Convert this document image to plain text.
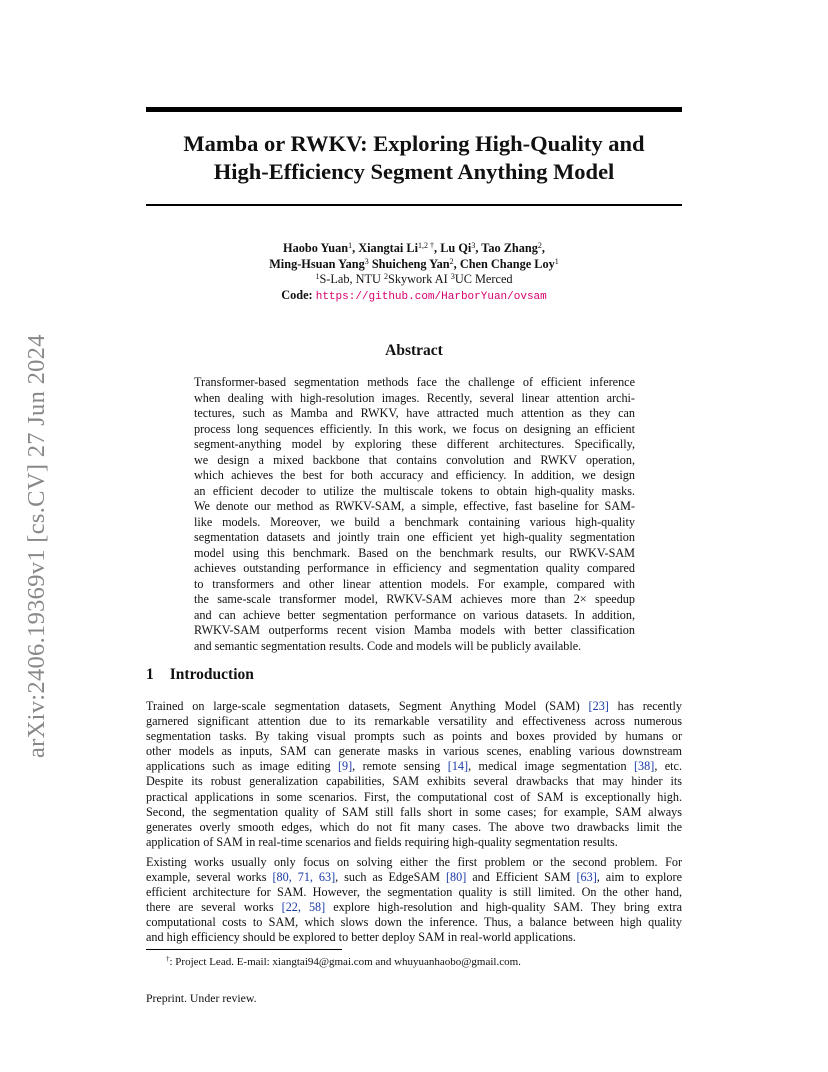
arXiv:2406.19369v1 [cs.CV] 27 Jun 2024
Mamba or RWKV: Exploring High-Quality and
High-Efficiency Segment Anything Model
Haobo Yuan$^1$, Xiangtai $Li^{1,2 \dagger}$, Lu Qi$^3$, Tao Zhang$^2$,
Ming-Hsuan Yang$^3$ Shuicheng Yan$^2$, Chen Change Loy$^1$
$^1$S-Lab, NTU $^2$Skywork AI $^3$UC Merced
Code: https://github.com/HarborYuan/ovsam
Abstract
Transformer-based segmentation methods face the challenge of efficient inference
when dealing with high-resolution images. Recently, several linear attention archi-
tectures, such as Mamba and RWKV, have attracted much attention as they can
process long sequences efficiently. In this work, we focus on designing an efficient
segment-anything model by exploring these different architectures. Specifically,
we design a mixed backbone that contains convolution and RWKV operation,
which achieves the best for both accuracy and efficiency. In addition, we design
an efficient decoder to utilize the multiscale tokens to obtain high-quality masks.
We denote our method as RWKV-SAM, a simple, effective, fast baseline for SAM-
like models. Moreover, we build a benchmark containing various high-quality
segmentation datasets and jointly train one efficient yet high-quality segmentation
model using this benchmark. Based on the benchmark results, our RWKV-SAM
achieves outstanding performance in efficiency and segmentation quality compared
to transformers and other linear attention models. For example, compared with
the same-scale transformer model, RWKV-SAM achieves more than 2× speedup
and can achieve better segmentation performance on various datasets. In addition,
RWKV-SAM outperforms recent vision Mamba models with better classification
and semantic segmentation results. Code and models will be publicly available.
1 Introduction
Trained on large-scale segmentation datasets, Segment Anything Model (SAM) [23] has recently
garnered significant attention due to its remarkable versatility and effectiveness across numerous
segmentation tasks. By taking visual prompts such as points and boxes provided by humans or
other models as inputs, SAM can generate masks in various scenes, enabling various downstream
applications such as image editing [9], remote sensing [14], medical image segmentation [38], etc.
Despite its robust generalization capabilities, SAM exhibits several drawbacks that may hinder its
practical applications in some scenarios. First, the computational cost of SAM is exceptionally high.
Second, the segmentation quality of SAM still falls short in some cases; for example, SAM always
generates overly smooth edges, which do not fit many cases. The above two drawbacks limit the
application of SAM in real-time scenarios and fields requiring high-quality segmentation results.
Existing works usually only focus on solving either the first problem or the second problem. For
example, several works [80, 71, 63], such as EdgeSAM [80] and Efficient SAM [63], aim to explore
efficient architecture for SAM. However, the segmentation quality is still limited. On the other hand,
there are several works [22, 58] explore high-resolution and high-quality SAM. They bring extra
computational costs to SAM, which slows down the inference. Thus, a balance between high quality
and high efficiency should be explored to better deploy SAM in real-world applications.
†: Project Lead. E-mail: xiangtai94@gmai.com and whuyuanhaobo@gmail.com.
Preprint. Under review.
